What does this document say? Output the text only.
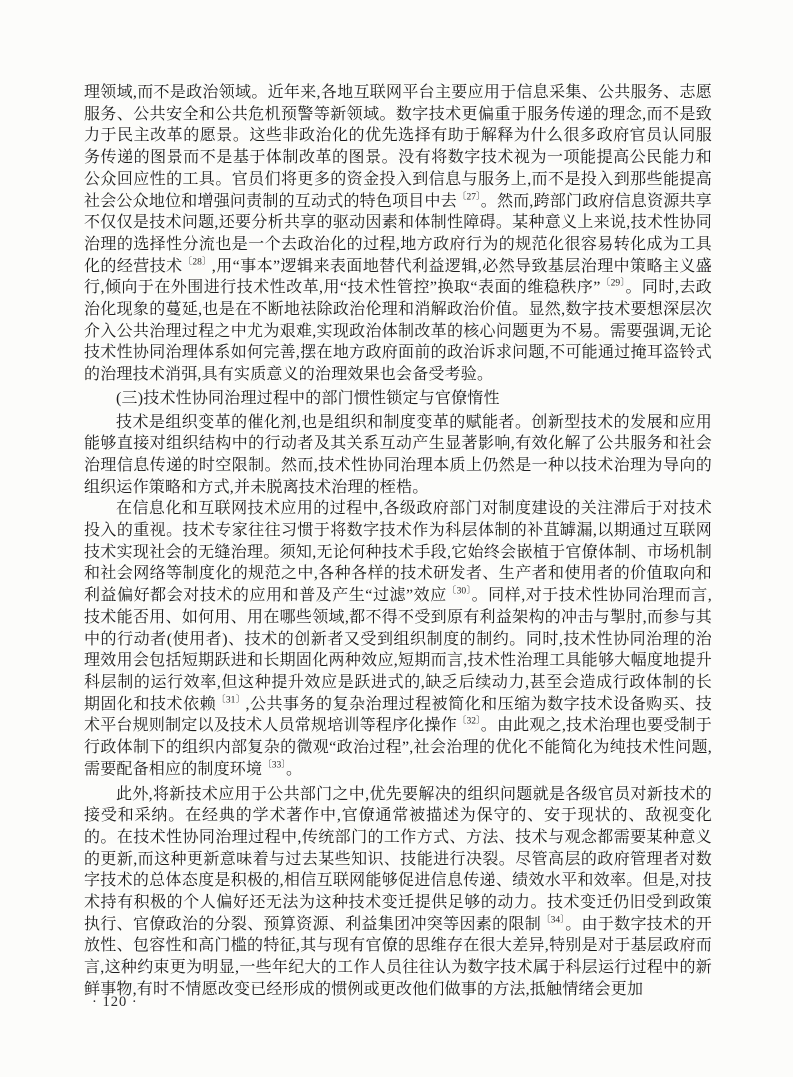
理领域,而不是政治领域。近年来,各地互联网平台主要应用于信息采集、公共服务、志愿服务、公共安全和公共危机预警等新领域。数字技术更偏重于服务传递的理念,而不是致力于民主改革的愿景。这些非政治化的优先选择有助于解释为什么很多政府官员认同服务传递的图景而不是基于体制改革的图景。没有将数字技术视为一项能提高公民能力和公众回应性的工具。官员们将更多的资金投入到信息与服务上,而不是投入到那些能提高社会公众地位和增强问责制的互动式的特色项目中去$^{〔27〕}$。然而,跨部门政府信息资源共享不仅仅是技术问题,还要分析共享的驱动因素和体制性障碍。某种意义上来说,技术性协同治理的选择性分流也是一个去政治化的过程,地方政府行为的规范化很容易转化成为工具化的经营技术$^{〔28〕}$,用“事本”逻辑来表面地替代利益逻辑,必然导致基层治理中策略主义盛行,倾向于在外围进行技术性改革,用“技术性管控”换取“表面的维稳秩序”$^{〔29〕}$。同时,去政治化现象的蔓延,也是在不断地祛除政治伦理和消解政治价值。显然,数字技术要想深层次介入公共治理过程之中尤为艰难,实现政治体制改革的核心问题更为不易。需要强调,无论技术性协同治理体系如何完善,摆在地方政府面前的政治诉求问题,不可能通过掩耳盗铃式的治理技术消弭,具有实质意义的治理效果也会备受考验。

(三)技术性协同治理过程中的部门惯性锁定与官僚惰性

技术是组织变革的催化剂,也是组织和制度变革的赋能者。创新型技术的发展和应用能够直接对组织结构中的行动者及其关系互动产生显著影响,有效化解了公共服务和社会治理信息传递的时空限制。然而,技术性协同治理本质上仍然是一种以技术治理为导向的组织运作策略和方式,并未脱离技术治理的桎梏。

在信息化和互联网技术应用的过程中,各级政府部门对制度建设的关注滞后于对技术投入的重视。技术专家往往习惯于将数字技术作为科层体制的补苴罅漏,以期通过互联网技术实现社会的无缝治理。须知,无论何种技术手段,它始终会嵌植于官僚体制、市场机制和社会网络等制度化的规范之中,各种各样的技术研发者、生产者和使用者的价值取向和利益偏好都会对技术的应用和普及产生“过滤”效应$^{〔30〕}$。同样,对于技术性协同治理而言,技术能否用、如何用、用在哪些领域,都不得不受到原有利益架构的冲击与掣肘,而参与其中的行动者(使用者)、技术的创新者又受到组织制度的制约。同时,技术性协同治理的治理效用会包括短期跃进和长期固化两种效应,短期而言,技术性治理工具能够大幅度地提升科层制的运行效率,但这种提升效应是跃进式的,缺乏后续动力,甚至会造成行政体制的长期固化和技术依赖$^{〔31〕}$,公共事务的复杂治理过程被简化和压缩为数字技术设备购买、技术平台规则制定以及技术人员常规培训等程序化操作$^{〔32〕}$。由此观之,技术治理也要受制于行政体制下的组织内部复杂的微观“政治过程”,社会治理的优化不能简化为纯技术性问题,需要配备相应的制度环境$^{〔33〕}$。

此外,将新技术应用于公共部门之中,优先要解决的组织问题就是各级官员对新技术的接受和采纳。在经典的学术著作中,官僚通常被描述为保守的、安于现状的、敌视变化的。在技术性协同治理过程中,传统部门的工作方式、方法、技术与观念都需要某种意义的更新,而这种更新意味着与过去某些知识、技能进行决裂。尽管高层的政府管理者对数字技术的总体态度是积极的,相信互联网能够促进信息传递、绩效水平和效率。但是,对技术持有积极的个人偏好还无法为这种技术变迁提供足够的动力。技术变迁仍旧受到政策执行、官僚政治的分裂、预算资源、利益集团冲突等因素的限制$^{〔34〕}$。由于数字技术的开放性、包容性和高门槛的特征,其与现有官僚的思维存在很大差异,特别是对于基层政府而言,这种约束更为明显,一些年纪大的工作人员往往认为数字技术属于科层运行过程中的新鲜事物,有时不情愿改变已经形成的惯例或更改他们做事的方法,抵触情绪会更加

· 120 ·
